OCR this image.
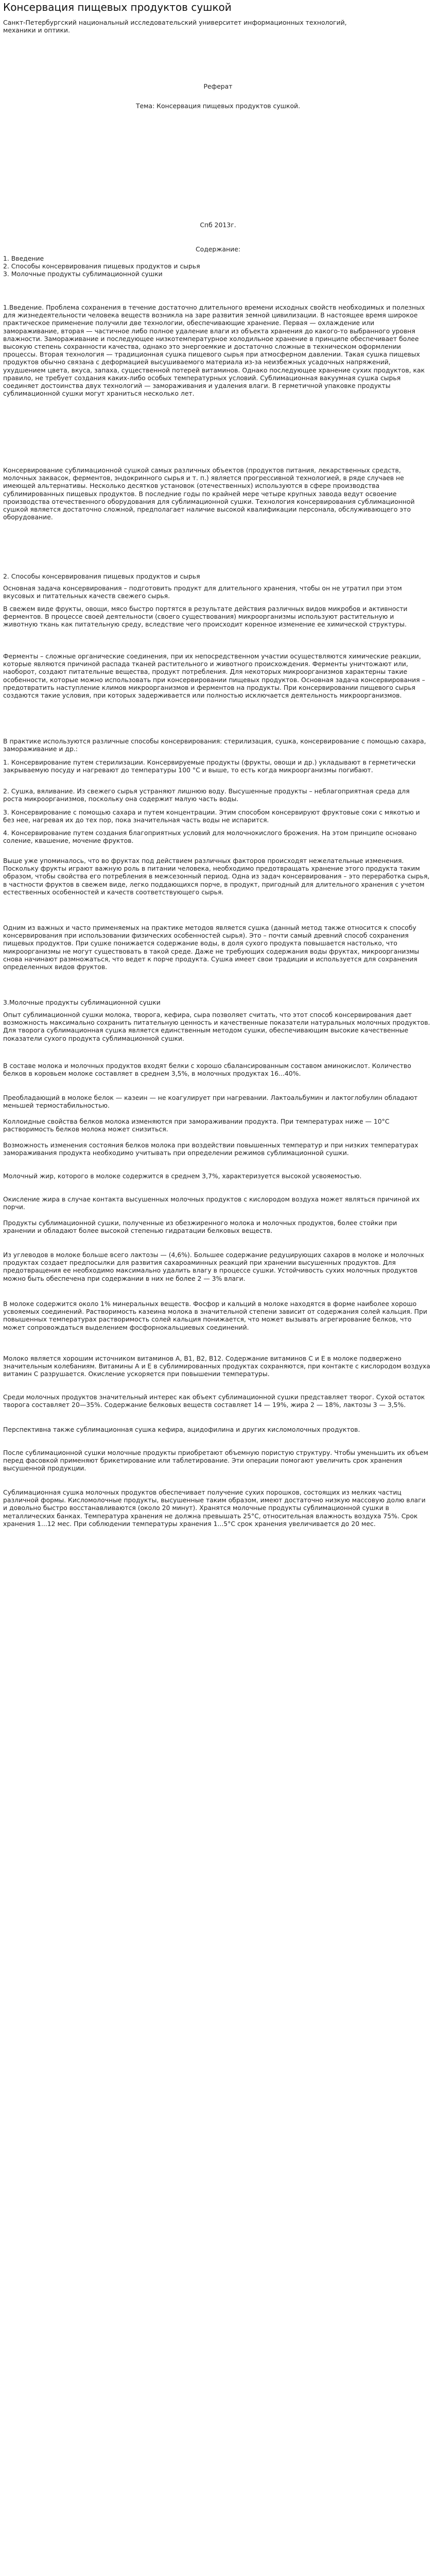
Консервация пищевых продуктов сушкой

Санкт-Петербургский национальный исследовательский университет информационных технологий, механики и оптики.

Реферат

Тема: Консервация пищевых продуктов сушкой.

Спб 2013г.

Содержание:

1. Введение
2. Способы консервирования пищевых продуктов и сырья
3. Молочные продукты сублимационной сушки

1.Введение. Проблема сохранения в течение достаточно длительного времени исходных свойств необходимых и полезных для жизнедеятельности человека веществ возникла на заре развития земной цивилизации. В настоящее время широкое практическое применение получили две технологии, обеспечивающие хранение. Первая — охлаждение или замораживание, вторая — частичное либо полное удаление влаги из объекта хранения до какого-то выбранного уровня влажности. Замораживание и последующее низкотемпературное холодильное хранение в принципе обеспечивает более высокую степень сохранности качества, однако это энергоемкие и достаточно сложные в техническом оформлении процессы. Вторая технология — традиционная сушка пищевого сырья при атмосферном давлении. Такая сушка пищевых продуктов обычно связана с деформацией высушиваемого материала из-за неизбежных усадочных напряжений, ухудшением цвета, вкуса, запаха, существенной потерей витаминов. Однако последующее хранение сухих продуктов, как правило, не требует создания каких-либо особых температурных условий. Сублимационная вакуумная сушка сырья соединяет достоинства двух технологий — замораживания и удаления влаги. В герметичной упаковке продукты сублимационной сушки могут храниться несколько лет.

Консервирование сублимационной сушкой самых различных объектов (продуктов питания, лекарственных средств, молочных заквасок, ферментов, эндокринного сырья и т. п.) является прогрессивной технологией, в ряде случаев не имеющей альтернативы. Несколько десятков установок (отечественных) используются в сфере производства сублимированных пищевых продуктов. В последние годы по крайней мере четыре крупных завода ведут освоение производства отечественного оборудования для сублимационной сушки. Технология консервирования сублимационной сушкой является достаточно сложной, предполагает наличие высокой квалификации персонала, обслуживающего это оборудование.

2. Способы консервирования пищевых продуктов и сырья

Основная задача консервирования – подготовить продукт для длительного хранения, чтобы он не утратил при этом вкусовых и питательных качеств свежего сырья.

В свежем виде фрукты, овощи, мясо быстро портятся в результате действия различных видов микробов и активности ферментов. В процессе своей деятельности (своего существования) микроорганизмы используют растительную и животную ткань как питательную среду, вследствие чего происходит коренное изменение ее химической структуры.

Ферменты – сложные органические соединения, при их непосредственном участии осуществляются химические реакции, которые являются причиной распада тканей растительного и животного происхождения. Ферменты уничтожают или, наоборот, создают питательные вещества, продукт потребления. Для некоторых микроорганизмов характерны такие особенности, которые можно использовать при консервировании пищевых продуктов. Основная задача консервирования – предотвратить наступление климов микроорганизмов и ферментов на продукты. При консервировании пищевого сырья создаются такие условия, при которых задерживается или полностью исключается деятельность микроорганизмов.

В практике используются различные способы консервирования: стерилизация, сушка, консервирование с помощью сахара, замораживание и др.:

1. Консервирование путем стерилизации. Консервируемые продукты (фрукты, овощи и др.) укладывают в герметически закрываемую посуду и нагревают до температуры 100 °С и выше, то есть когда микроорганизмы погибают.

2. Сушка, вяливание. Из свежего сырья устраняют лишнюю воду. Высушенные продукты – неблагоприятная среда для роста микроорганизмов, поскольку она содержит малую часть воды.

3. Консервирование с помощью сахара и путем концентрации. Этим способом консервируют фруктовые соки с мякотью и без нее, нагревая их до тех пор, пока значительная часть воды не испарится.

4. Консервирование путем создания благоприятных условий для молочнокислого брожения. На этом принципе основано соление, квашение, мочение фруктов.

Выше уже упоминалось, что во фруктах под действием различных факторов происходят нежелательные изменения. Поскольку фрукты играют важную роль в питании человека, необходимо предотвращать хранение этого продукта таким образом, чтобы свойства его потребления в межсезонный период. Одна из задач консервирования – это переработка сырья, в частности фруктов в свежем виде, легко поддающихся порче, в продукт, пригодный для длительного хранения с учетом естественных особенностей и качеств соответствующего сырья.

Одним из важных и часто применяемых на практике методов является сушка (данный метод также относится к способу консервирования при использовании физических особенностей сырья). Это – почти самый древний способ сохранения пищевых продуктов. При сушке понижается содержание воды, в доля сухого продукта повышается настолько, что микроорганизмы не могут существовать в такой среде. Даже не требующих содержания воды фруктах, микроорганизмы снова начинают размножаться, что ведет к порче продукта. Сушка имеет свои традиции и используется для сохранения определенных видов фруктов.

3.Молочные продукты сублимационной сушки

Опыт сублимационной сушки молока, творога, кефира, сыра позволяет считать, что этот способ консервирования дает возможность максимально сохранить питательную ценность и качественные показатели натуральных молочных продуктов. Для творога сублимационная сушка является единственным методом сушки, обеспечивающим высокие качественные показатели сухого продукта сублимационной сушки.

В составе молока и молочных продуктов входят белки с хорошо сбалансированным составом аминокислот. Количество белков в коровьем молоке составляет в среднем 3,5%, в молочных продуктах 16...40%.

Преобладающий в молоке белок — казеин — не коагулирует при нагревании. Лактоальбумин и лактоглобулин обладают меньшей термостабильностью.

Коллоидные свойства белков молока изменяются при замораживании продукта. При температурах ниже — 10°С растворимость белков молока может снизиться.

Возможность изменения состояния белков молока при воздействии повышенных температур и при низких температурах замораживания продукта необходимо учитывать при определении режимов сублимационной сушки.

Молочный жир, которого в молоке содержится в среднем 3,7%, характеризуется высокой усвояемостью.

Окисление жира в случае контакта высушенных молочных продуктов с кислородом воздуха может являться причиной их порчи.

Продукты сублимационной сушки, полученные из обезжиренного молока и молочных продуктов, более стойки при хранении и обладают более высокой степенью гидратации белковых веществ.

Из углеводов в молоке больше всего лактозы — (4,6%). Большее содержание редуцирующих сахаров в молоке и молочных продуктах создает предпосылки для развития сахароаминных реакций при хранении высушенных продуктов. Для предотвращения ее необходимо максимально удалить влагу в процессе сушки. Устойчивость сухих молочных продуктов можно быть обеспечена при содержании в них не более 2 — 3% влаги.

В молоке содержится около 1% минеральных веществ. Фосфор и кальций в молоке находятся в форме наиболее хорошо усвояемых соединений. Растворимость казеина молока в значительной степени зависит от содержания солей кальция. При повышенных температурах растворимость солей кальция понижается, что может вызывать агрегирование белков, что может сопровождаться выделением фосфорнокальциевых соединений.

Молоко является хорошим источником витаминов А, В1, В2, В12. Содержание витаминов С и Е в молоке подвержено значительным колебаниям. Витамины А и Е в сублимированных продуктах сохраняются, при контакте с кислородом воздуха витамин С разрушается. Окисление ускоряется при повышении температуры.

Среди молочных продуктов значительный интерес как объект сублимационной сушки представляет творог. Сухой остаток творога составляет 20—35%. Содержание белковых веществ составляет 14 — 19%, жира 2 — 18%, лактозы 3 — 3,5%.

Перспективна также сублимационная сушка кефира, ацидофилина и других кисломолочных продуктов.

После сублимационной сушки молочные продукты приобретают объемную пористую структуру. Чтобы уменьшить их объем перед фасовкой применяют брикетирование или таблетирование. Эти операции помогают увеличить срок хранения высушенной продукции.

Сублимационная сушка молочных продуктов обеспечивает получение сухих порошков, состоящих из мелких частиц различной формы. Кисломолочные продукты, высушенные таким образом, имеют достаточно низкую массовую долю влаги и довольно быстро восстанавливаются (около 20 минут). Хранятся молочные продукты сублимационной сушки в металлических банках. Температура хранения не должна превышать 25°С, относительная влажность воздуха 75%. Срок хранения 1...12 мес. При соблюдении температуры хранения 1...5°С срок хранения увеличивается до 20 мес.
